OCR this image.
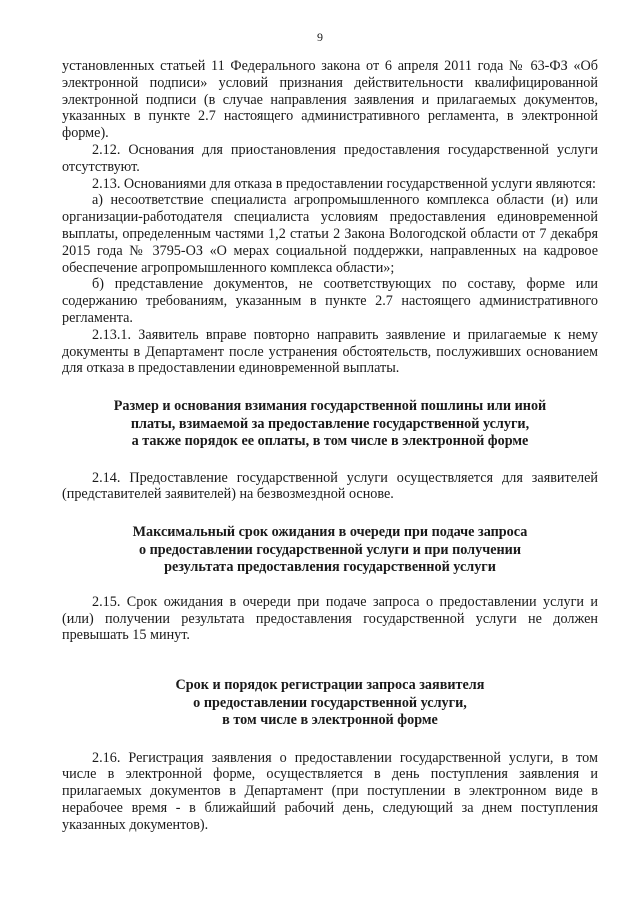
9

установленных статьей 11 Федерального закона от 6 апреля 2011 года № 63-ФЗ «Об электронной подписи» условий признания действительности квалифицированной электронной подписи (в случае направления заявления и прилагаемых документов, указанных в пункте 2.7 настоящего административного регламента, в электронной форме).

2.12. Основания для приостановления предоставления государственной услуги отсутствуют.

2.13. Основаниями для отказа в предоставлении государственной услуги являются:

а) несоответствие специалиста агропромышленного комплекса области (и) или организации-работодателя специалиста условиям предоставления единовременной выплаты, определенным частями 1,2 статьи 2 Закона Вологодской области от 7 декабря 2015 года № 3795-ОЗ «О мерах социальной поддержки, направленных на кадровое обеспечение агропромышленного комплекса области»;

б) представление документов, не соответствующих по составу, форме или содержанию требованиям, указанным в пункте 2.7 настоящего административного регламента.

2.13.1. Заявитель вправе повторно направить заявление и прилагаемые к нему документы в Департамент после устранения обстоятельств, послуживших основанием для отказа в предоставлении единовременной выплаты.

Размер и основания взимания государственной пошлины или иной
платы, взимаемой за предоставление государственной услуги,
а также порядок ее оплаты, в том числе в электронной форме

2.14. Предоставление государственной услуги осуществляется для заявителей (представителей заявителей) на безвозмездной основе.

Максимальный срок ожидания в очереди при подаче запроса
о предоставлении государственной услуги и при получении
результата предоставления государственной услуги

2.15. Срок ожидания в очереди при подаче запроса о предоставлении услуги и (или) получении результата предоставления государственной услуги не должен превышать 15 минут.

Срок и порядок регистрации запроса заявителя
о предоставлении государственной услуги,
в том числе в электронной форме

2.16. Регистрация заявления о предоставлении государственной услуги, в том числе в электронной форме, осуществляется в день поступления заявления и прилагаемых документов в Департамент (при поступлении в электронном виде в нерабочее время - в ближайший рабочий день, следующий за днем поступления указанных документов).
